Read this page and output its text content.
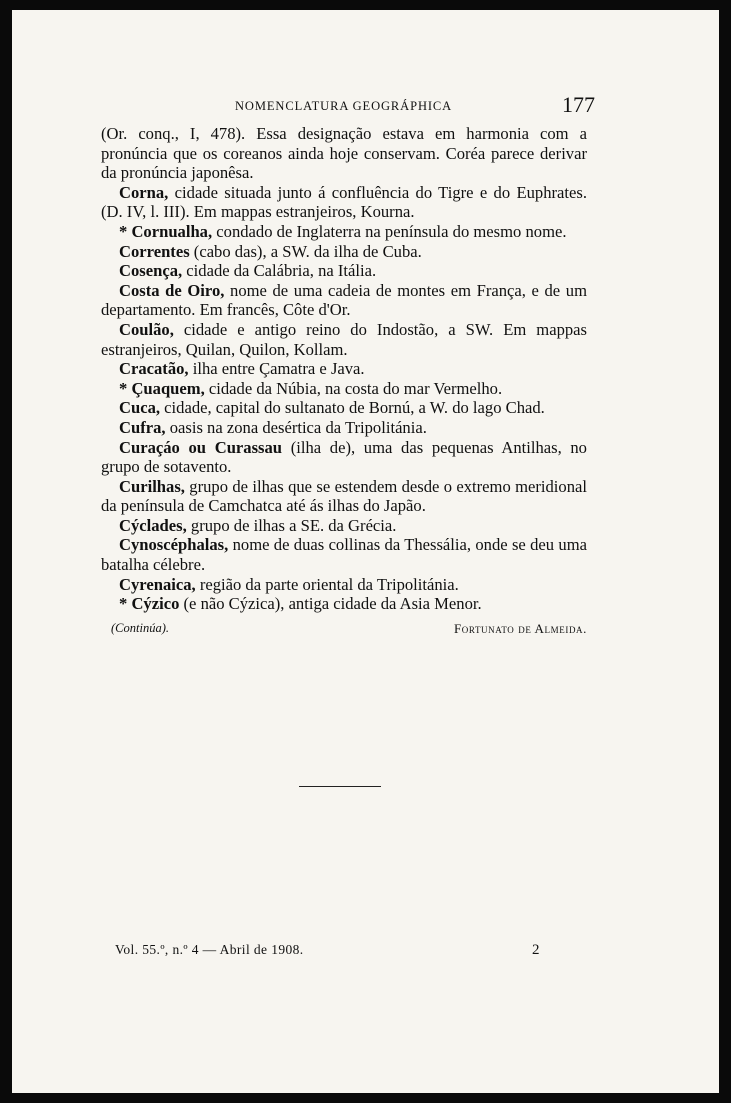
NOMENCLATURA GEOGRÁPHICA	177

(Or. conq., I, 478). Essa designação estava em harmonia com a pronúncia que os coreanos ainda hoje conservam. Coréa parece derivar da pronúncia japonêsa.

Corna, cidade situada junto á confluência do Tigre e do Euphrates. (D. IV, l. III). Em mappas estranjeiros, Kourna.

* Cornualha, condado de Inglaterra na península do mesmo nome.

Correntes (cabo das), a SW. da ilha de Cuba.

Cosença, cidade da Calábria, na Itália.

Costa de Oiro, nome de uma cadeia de montes em França, e de um departamento. Em francês, Côte d'Or.

Coulão, cidade e antigo reino do Indostão, a SW. Em mappas estranjeiros, Quilan, Quilon, Kollam.

Cracatão, ilha entre Çamatra e Java.

* Çuaquem, cidade da Núbia, na costa do mar Vermelho.

Cuca, cidade, capital do sultanato de Bornú, a W. do lago Chad.

Cufra, oasis na zona desértica da Tripolitánia.

Curaçáo ou Curassau (ilha de), uma das pequenas Antilhas, no grupo de sotavento.

Curilhas, grupo de ilhas que se estendem desde o extremo meridional da península de Camchatca até ás ilhas do Japão.

Cýclades, grupo de ilhas a SE. da Grécia.

Cynoscéphalas, nome de duas collinas da Thessália, onde se deu uma batalha célebre.

Cyrenaica, região da parte oriental da Tripolitánia.

* Cýzico (e não Cýzica), antiga cidade da Asia Menor.

(Continúa).	Fortunato de Almeida.
Vol. 55.º, n.º 4 — Abril de 1908.	2
